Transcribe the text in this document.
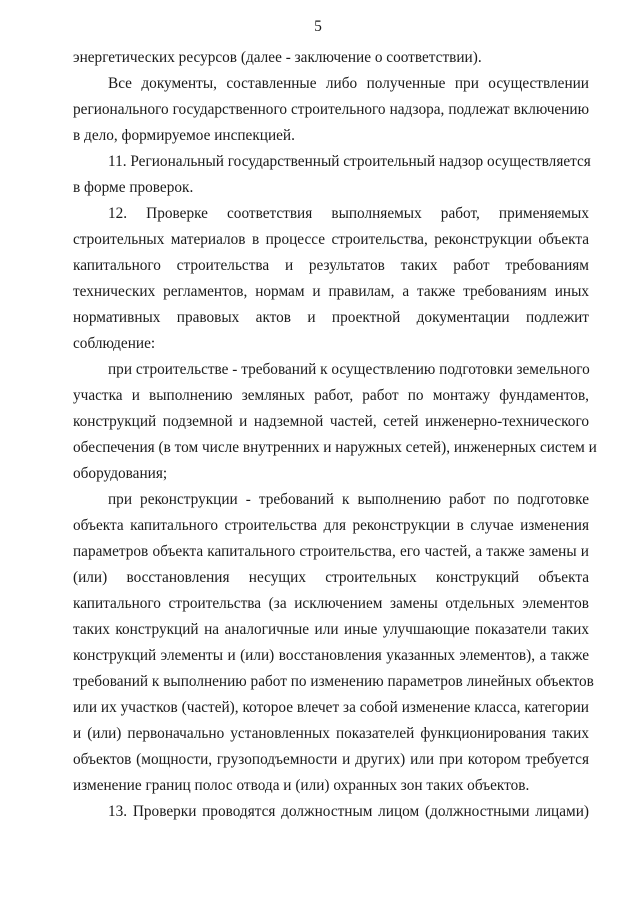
5
энергетических ресурсов (далее - заключение о соответствии).
Все документы, составленные либо полученные при осуществлении
регионального государственного строительного надзора, подлежат включению
в дело, формируемое инспекцией.
11. Региональный государственный строительный надзор осуществляется
в форме проверок.
12. Проверке соответствия выполняемых работ, применяемых
строительных материалов в процессе строительства, реконструкции объекта
капитального строительства и результатов таких работ требованиям
технических регламентов, нормам и правилам, а также требованиям иных
нормативных правовых актов и проектной документации подлежит
соблюдение:
при строительстве - требований к осуществлению подготовки земельного
участка и выполнению земляных работ, работ по монтажу фундаментов,
конструкций подземной и надземной частей, сетей инженерно-технического
обеспечения (в том числе внутренних и наружных сетей), инженерных систем и
оборудования;
при реконструкции - требований к выполнению работ по подготовке
объекта капитального строительства для реконструкции в случае изменения
параметров объекта капитального строительства, его частей, а также замены и
(или) восстановления несущих строительных конструкций объекта
капитального строительства (за исключением замены отдельных элементов
таких конструкций на аналогичные или иные улучшающие показатели таких
конструкций элементы и (или) восстановления указанных элементов), а также
требований к выполнению работ по изменению параметров линейных объектов
или их участков (частей), которое влечет за собой изменение класса, категории
и (или) первоначально установленных показателей функционирования таких
объектов (мощности, грузоподъемности и других) или при котором требуется
изменение границ полос отвода и (или) охранных зон таких объектов.
13. Проверки проводятся должностным лицом (должностными лицами)
